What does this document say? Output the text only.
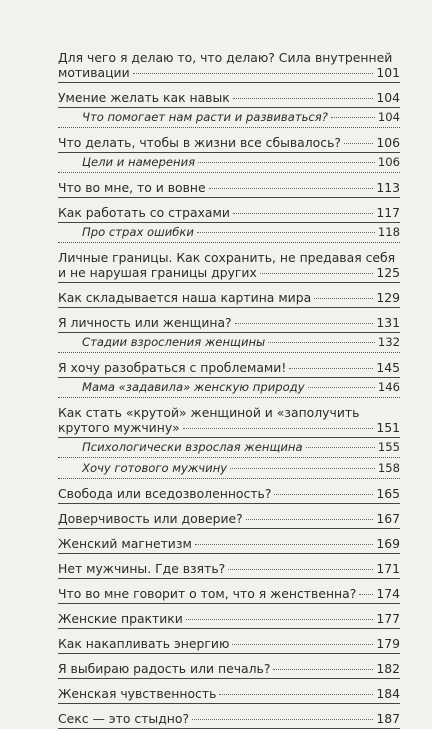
Для чего я делаю то, что делаю? Сила внутренней
мотивации	101
Умение желать как навык	104
Что помогает нам расти и развиваться?	104
Что делать, чтобы в жизни все сбывалось?	106
Цели и намерения	106
Что во мне, то и вовне	113
Как работать со страхами	117
Про страх ошибки	118
Личные границы. Как сохранить, не предавая себя
и не нарушая границы других	125
Как складывается наша картина мира	129
Я личность или женщина?	131
Стадии взросления женщины	132
Я хочу разобраться с проблемами!	145
Мама «задавила» женскую природу	146
Как стать «крутой» женщиной и «заполучить
крутого мужчину»	151
Психологически взрослая женщина	155
Хочу готового мужчину	158
Свобода или вседозволенность?	165
Доверчивость или доверие?	167
Женский магнетизм	169
Нет мужчины. Где взять?	171
Что во мне говорит о том, что я женственна? 174
Женские практики	177
Как накапливать энергию	179
Я выбираю радость или печаль?	182
Женская чувственность	184
Секс — это стыдно?	187
